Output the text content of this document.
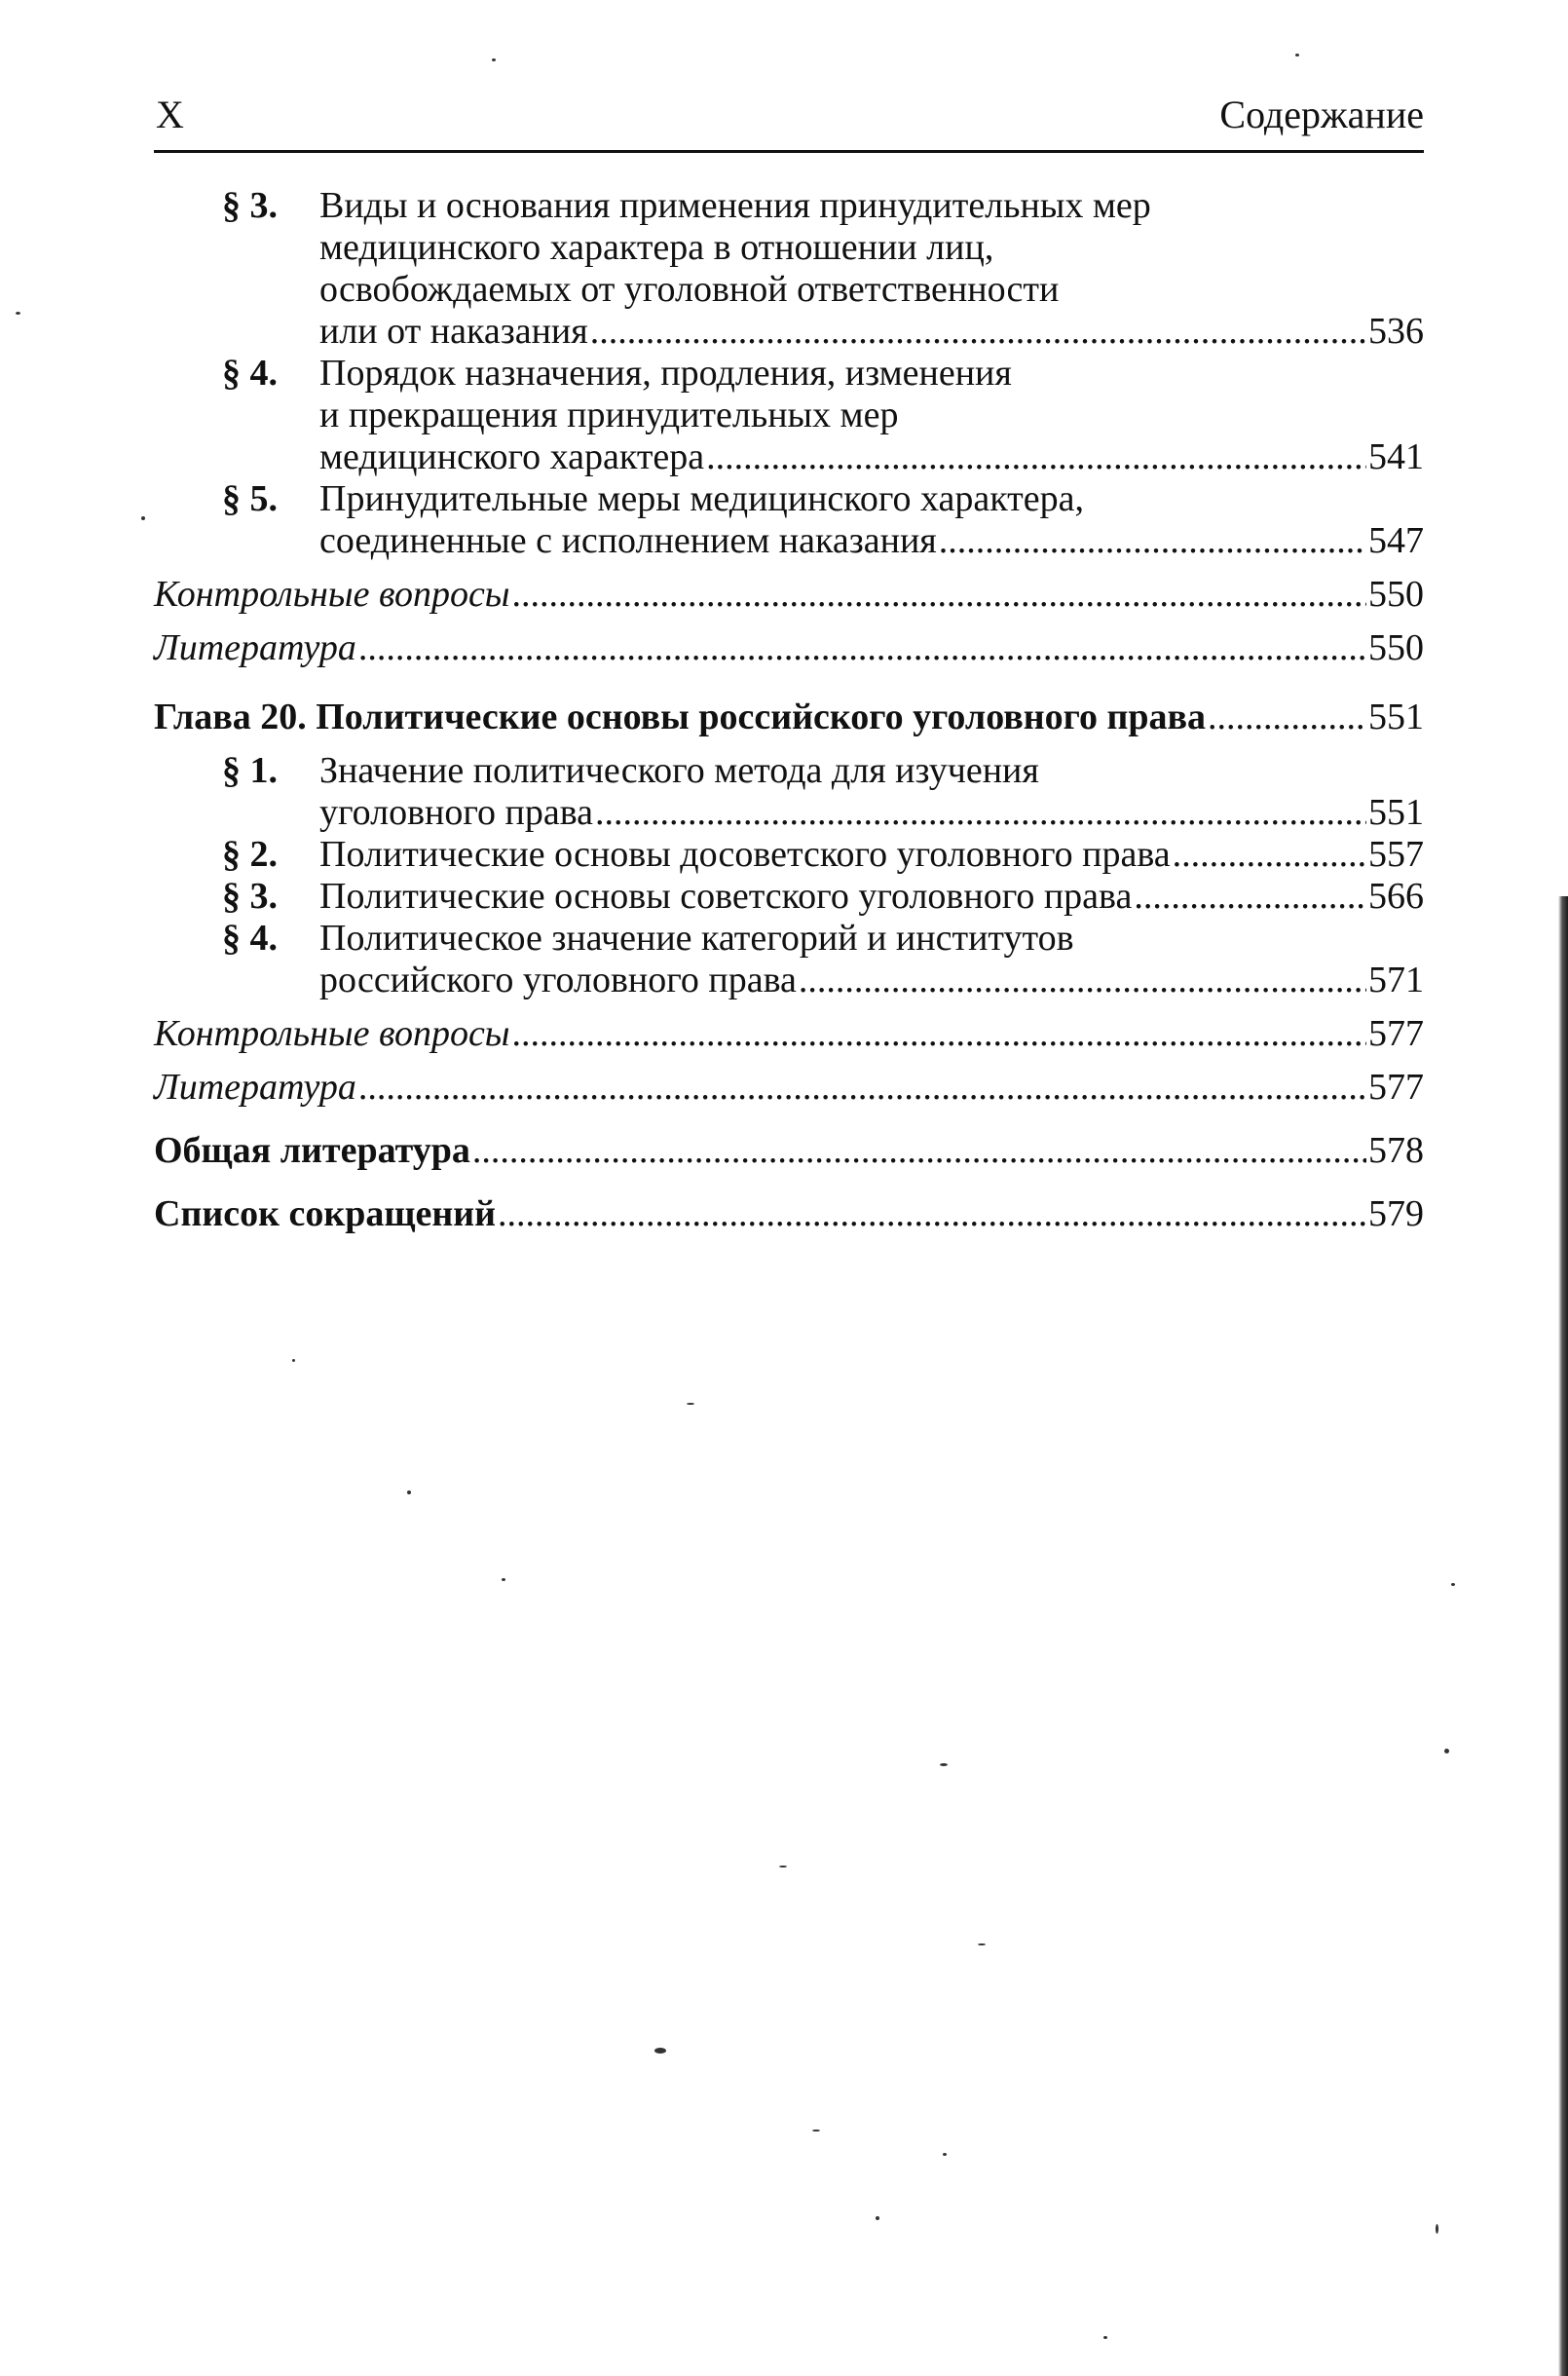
X	Содержание
§ 3. Виды и основания применения принудительных мер
медицинского характера в отношении лиц,
освобождаемых от уголовной ответственности
или от наказания .....	536
§ 4. Порядок назначения, продления, изменения
и прекращения принудительных мер
медицинского характера .....	541
§ 5. Принудительные меры медицинского характера,
соединенные с исполнением наказания .....	547
Контрольные вопросы .....	550
Литература .....	550
Глава 20. Политические основы российского уголовного права .....	551
§ 1. Значение политического метода для изучения
уголовного права .....	551
§ 2. Политические основы досоветского уголовного права .....	557
§ 3. Политические основы советского уголовного права .....	566
§ 4. Политическое значение категорий и институтов
российского уголовного права .....	571
Контрольные вопросы .....	577
Литература .....	577
Общая литература .....	578
Список сокращений .....	579
